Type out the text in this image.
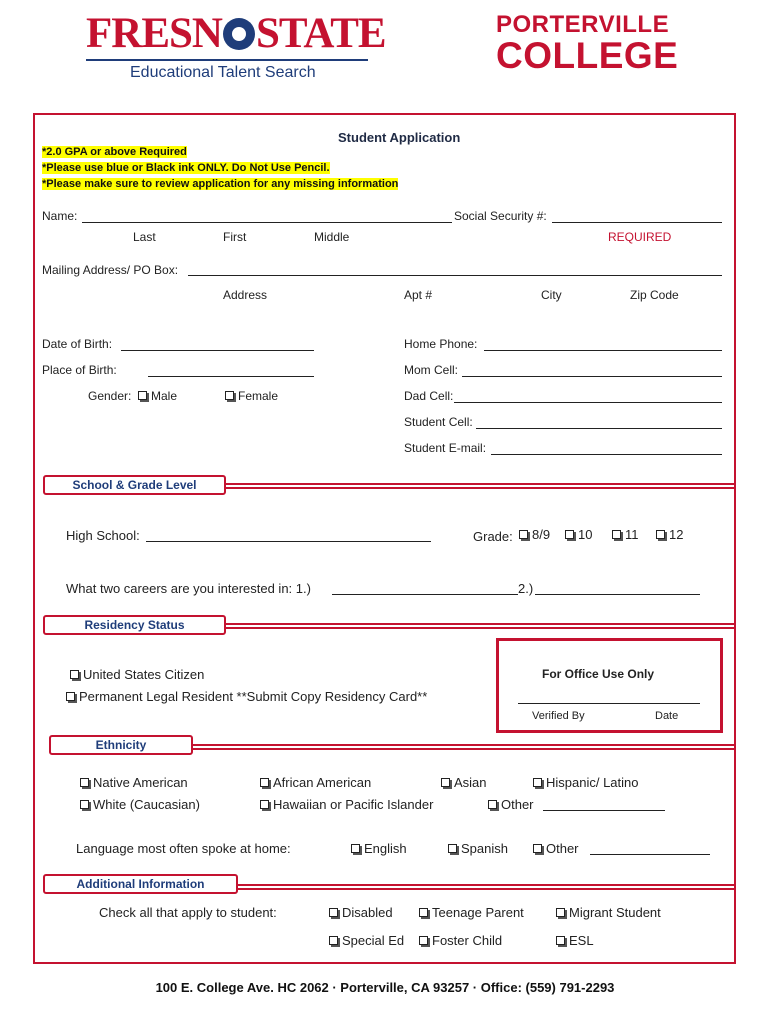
FRESN STATE
Educational Talent Search
PORTERVILLE
COLLEGE
Student Application
*2.0 GPA or above Required
*Please use blue or Black ink ONLY. Do Not Use Pencil.
*Please make sure to review application for any missing information
Name:	Social Security #:
Last	First	Middle	REQUIRED
Mailing Address/ PO Box:
Address	Apt #	City	Zip Code
Date of Birth:	Home Phone:
Place of Birth:	Mom Cell:
Gender:	Male	Female	Dad Cell:
Student Cell:
Student E-mail:
School & Grade Level
High School:	Grade:	8/9	10	11	12
What two careers are you interested in: 1.)	2.)
Residency Status
United States Citizen
Permanent Legal Resident **Submit Copy Residency Card**
For Office Use Only
Verified By	Date
Ethnicity
Native American	African American	Asian	Hispanic/ Latino
White (Caucasian)	Hawaiian or Pacific Islander	Other
Language most often spoke at home:	English	Spanish	Other
Additional Information
Check all that apply to student:	Disabled	Teenage Parent	Migrant Student
Special Ed	Foster Child	ESL
100 E. College Ave. HC 2062 · Porterville, CA 93257 · Office: (559) 791-2293
